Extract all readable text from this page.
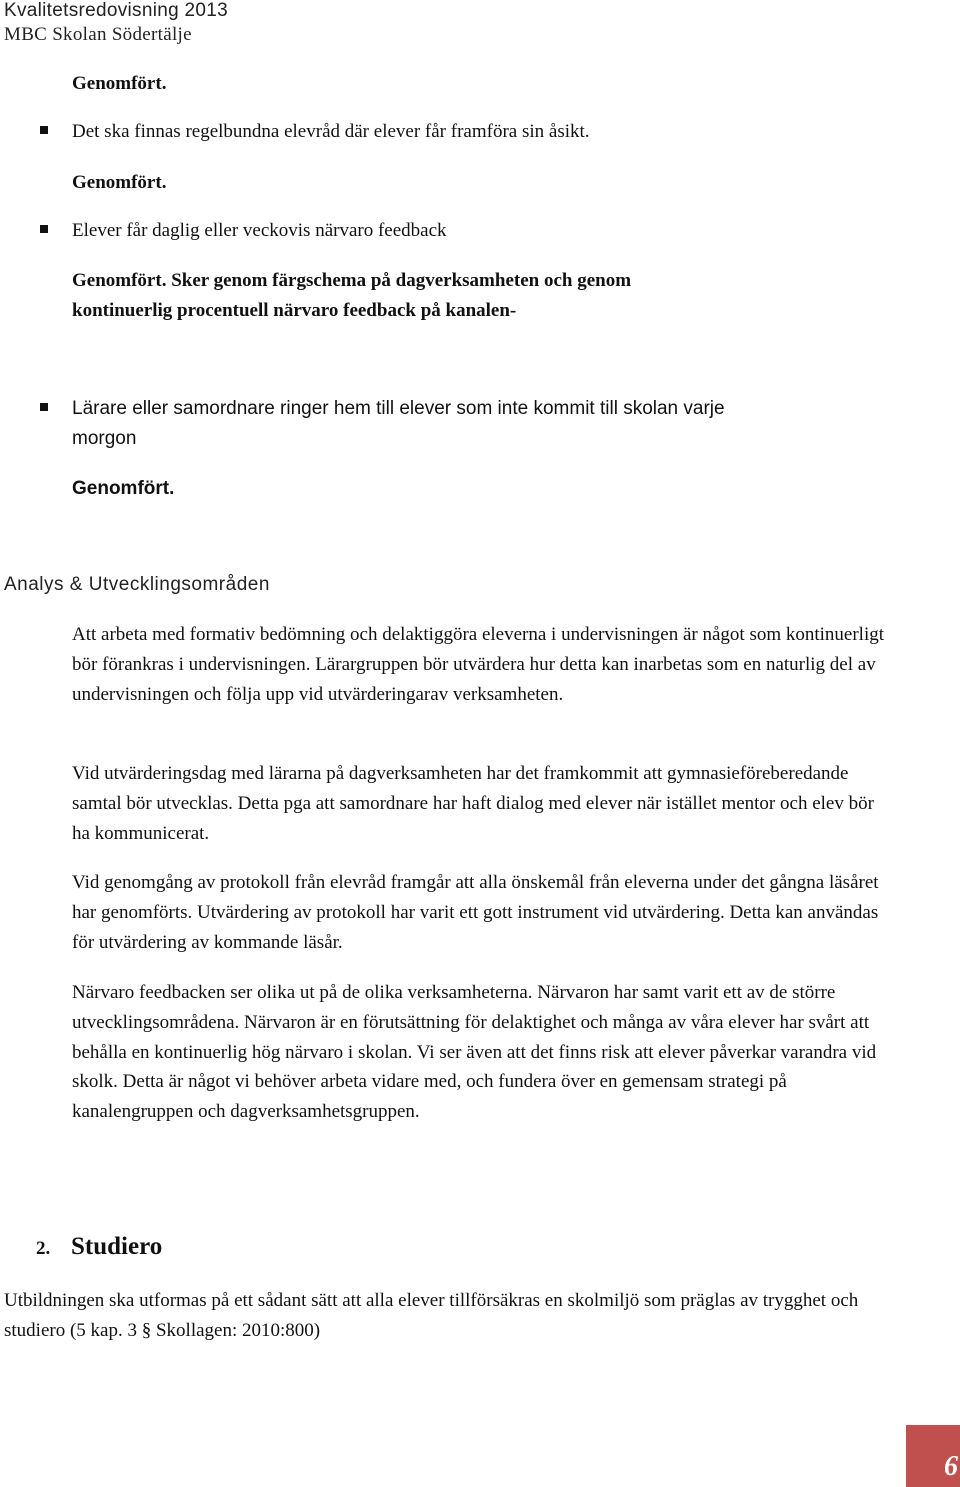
Kvalitetsredovisning 2013
MBC Skolan Södertälje
Genomfört.
Det ska finnas regelbundna elevråd där elever får framföra sin åsikt.
Genomfört.
Elever får daglig eller veckovis närvaro feedback
Genomfört. Sker genom färgschema på dagverksamheten och genom
kontinuerlig procentuell närvaro feedback på kanalen-
Lärare eller samordnare ringer hem till elever som inte kommit till skolan varje
morgon
Genomfört.
Analys & Utvecklingsområden
Att arbeta med formativ bedömning och delaktiggöra eleverna i undervisningen är något som kontinuerligt bör förankras i undervisningen. Lärargruppen bör utvärdera hur detta kan inarbetas som en naturlig del av undervisningen och följa upp vid utvärderingarav verksamheten.
Vid utvärderingsdag med lärarna på dagverksamheten har det framkommit att gymnasieföreberedande samtal bör utvecklas. Detta pga att samordnare har haft dialog med elever när istället mentor och elev bör ha kommunicerat.
Vid genomgång av protokoll från elevråd framgår att alla önskemål från eleverna under det gångna läsåret har genomförts. Utvärdering av protokoll har varit ett gott instrument vid utvärdering. Detta kan användas för utvärdering av kommande läsår.
Närvaro feedbacken ser olika ut på de olika verksamheterna. Närvaron har samt varit ett av de större utvecklingsområdena. Närvaron är en förutsättning för delaktighet och många av våra elever har svårt att behålla en kontinuerlig hög närvaro i skolan. Vi ser även att det finns risk att elever påverkar varandra vid skolk. Detta är något vi behöver arbeta vidare med, och fundera över en gemensam strategi på kanalengruppen och dagverksamhetsgruppen.
2. Studiero
Utbildningen ska utformas på ett sådant sätt att alla elever tillförsäkras en skolmiljö som präglas av trygghet och studiero (5 kap. 3 § Skollagen: 2010:800)
6
